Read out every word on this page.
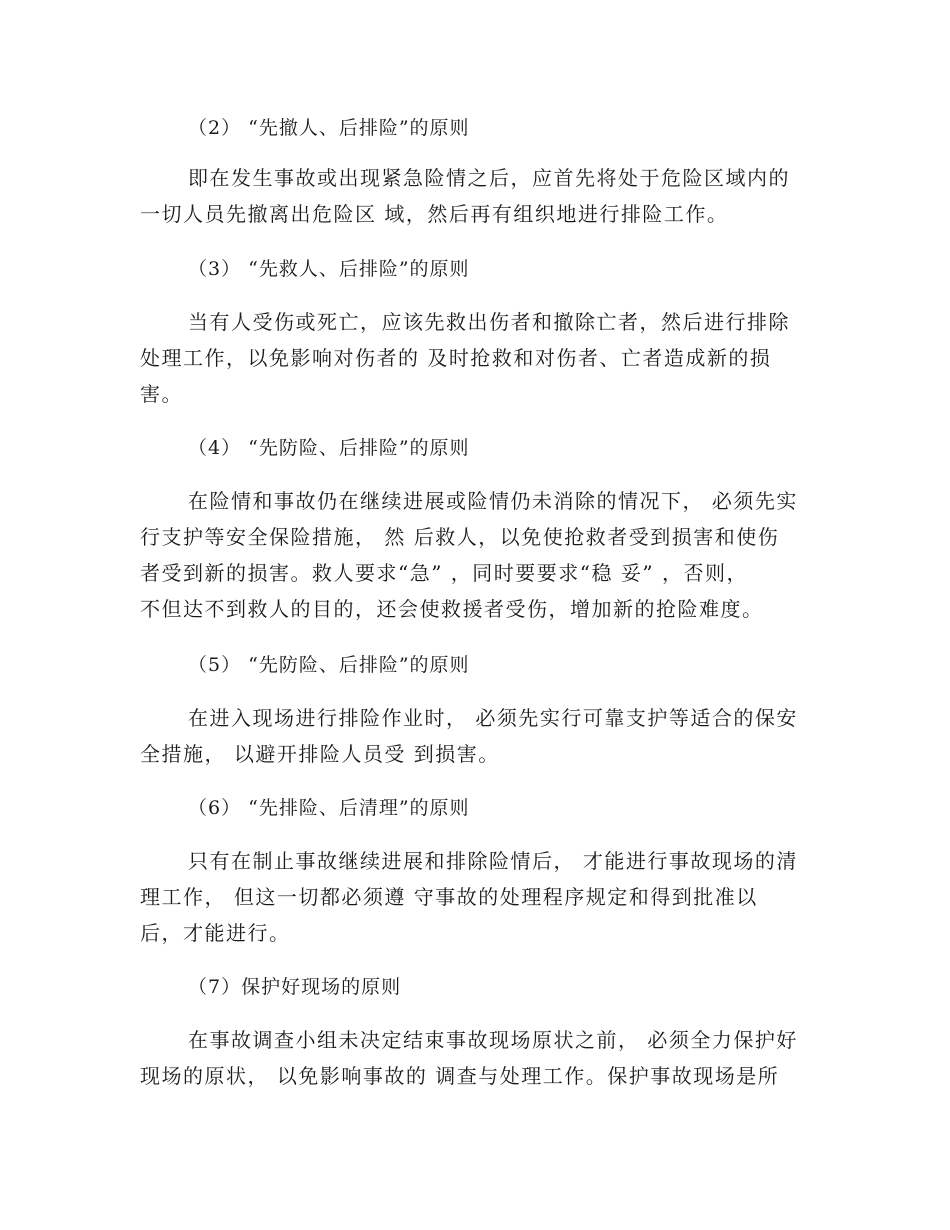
（2） “先撤人、后排险”的原则
即在发生事故或出现紧急险情之后，应首先将处于危险区域内的
一切人员先撤离出危险区 域，然后再有组织地进行排险工作。
（3） “先救人、后排险”的原则
当有人受伤或死亡，应该先救出伤者和撤除亡者，然后进行排除
处理工作，以免影响对伤者的 及时抢救和对伤者、亡者造成新的损
害。
（4） “先防险、后排险”的原则
在险情和事故仍在继续进展或险情仍未消除的情况下， 必须先实
行支护等安全保险措施， 然 后救人，以免使抢救者受到损害和使伤
者受到新的损害。救人要求“急” ，同时要要求“稳 妥” ，否则，
不但达不到救人的目的，还会使救援者受伤，增加新的抢险难度。
（5） “先防险、后排险”的原则
在进入现场进行排险作业时， 必须先实行可靠支护等适合的保安
全措施， 以避开排险人员受 到损害。
（6） “先排险、后清理”的原则
只有在制止事故继续进展和排除险情后， 才能进行事故现场的清
理工作， 但这一切都必须遵 守事故的处理程序规定和得到批准以
后，才能进行。
（7）保护好现场的原则
在事故调查小组未决定结束事故现场原状之前， 必须全力保护好
现场的原状， 以免影响事故的 调查与处理工作。保护事故现场是所
